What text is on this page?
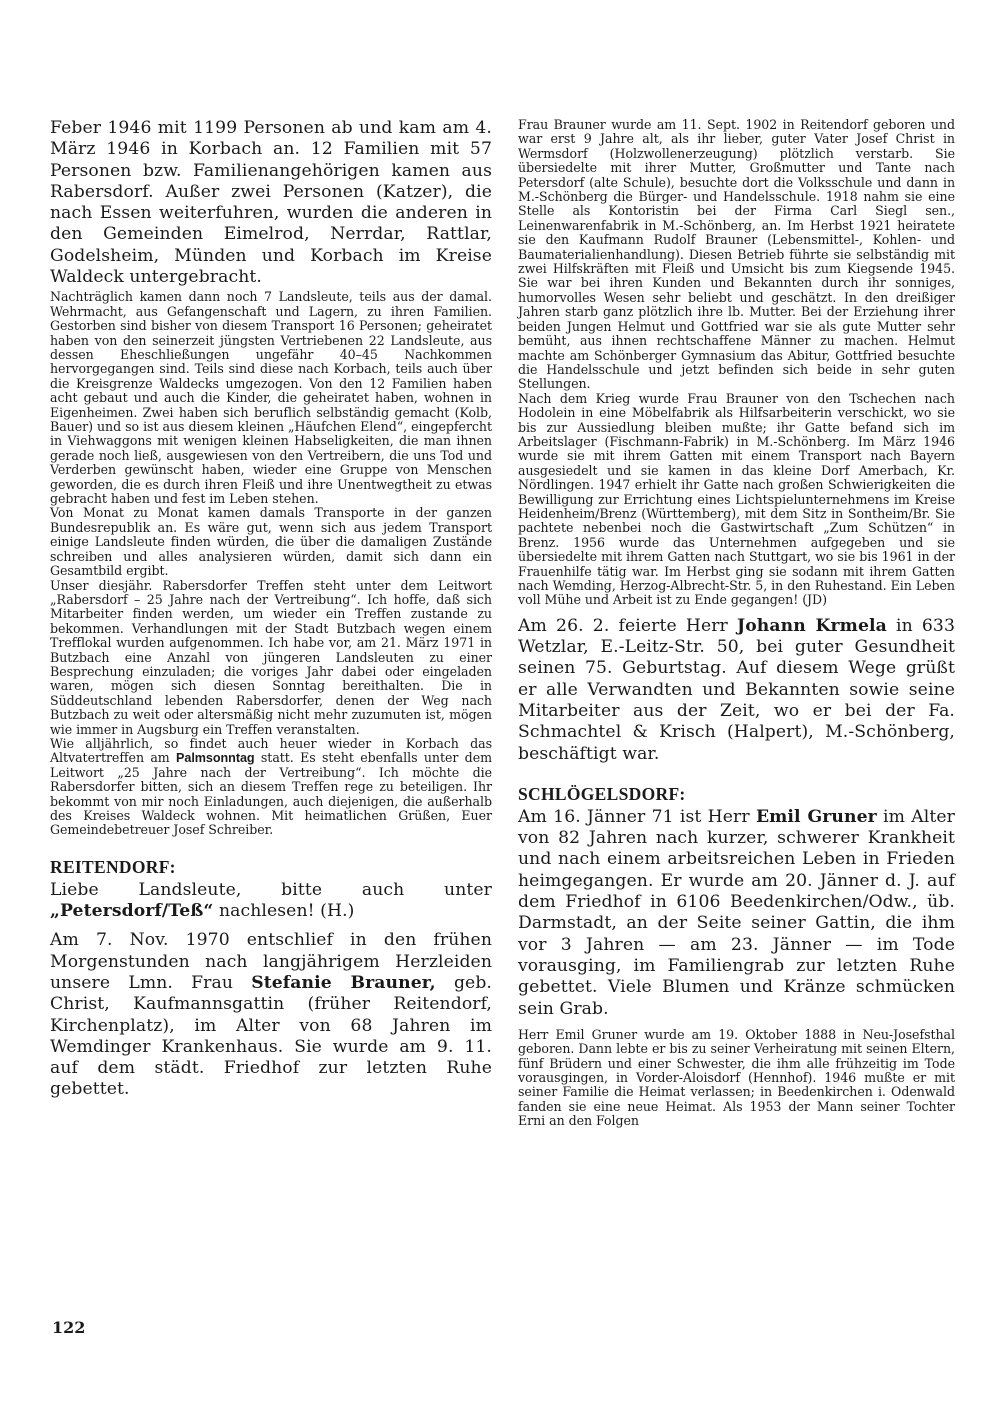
Feber 1946 mit 1199 Personen ab und kam am 4. März 1946 in Korbach an. 12 Familien mit 57 Personen bzw. Familienangehörigen kamen aus Rabersdorf. Außer zwei Personen (Katzer), die nach Essen weiterfuhren, wurden die anderen in den Gemeinden Eimelrod, Nerrdar, Rattlar, Godelsheim, Münden und Korbach im Kreise Waldeck untergebracht.

Nachträglich kamen dann noch 7 Landsleute, teils aus der damal. Wehrmacht, aus Gefangenschaft und Lagern, zu ihren Familien. Gestorben sind bisher von diesem Transport 16 Personen; geheiratet haben von den seinerzeit jüngsten Vertriebenen 22 Landsleute, aus dessen Eheschließungen ungefähr 40–45 Nachkommen hervorgegangen sind. Teils sind diese nach Korbach, teils auch über die Kreisgrenze Waldecks umgezogen. Von den 12 Familien haben acht gebaut und auch die Kinder, die geheiratet haben, wohnen in Eigenheimen. Zwei haben sich beruflich selbständig gemacht (Kolb, Bauer) und so ist aus diesem kleinen „Häufchen Elend“, eingepfercht in Viehwaggons mit wenigen kleinen Habseligkeiten, die man ihnen gerade noch ließ, ausgewiesen von den Vertreibern, die uns Tod und Verderben gewünscht haben, wieder eine Gruppe von Menschen geworden, die es durch ihren Fleiß und ihre Unentwegtheit zu etwas gebracht haben und fest im Leben stehen.

Von Monat zu Monat kamen damals Transporte in der ganzen Bundesrepublik an. Es wäre gut, wenn sich aus jedem Transport einige Landsleute finden würden, die über die damaligen Zustände schreiben und alles analysieren würden, damit sich dann ein Gesamtbild ergibt.

Unser diesjähr. Rabersdorfer Treffen steht unter dem Leitwort „Rabersdorf – 25 Jahre nach der Vertreibung“. Ich hoffe, daß sich Mitarbeiter finden werden, um wieder ein Treffen zustande zu bekommen. Verhandlungen mit der Stadt Butzbach wegen einem Trefflokal wurden aufgenommen. Ich habe vor, am 21. März 1971 in Butzbach eine Anzahl von jüngeren Landsleuten zu einer Besprechung einzuladen; die voriges Jahr dabei oder eingeladen waren, mögen sich diesen Sonntag bereithalten. Die in Süddeutschland lebenden Rabersdorfer, denen der Weg nach Butzbach zu weit oder altersmäßig nicht mehr zuzumuten ist, mögen wie immer in Augsburg ein Treffen veranstalten.

Wie alljährlich, so findet auch heuer wieder in Korbach das Altvatertreffen am Palmsonntag statt. Es steht ebenfalls unter dem Leitwort „25 Jahre nach der Vertreibung“. Ich möchte die Rabersdorfer bitten, sich an diesem Treffen rege zu beteiligen. Ihr bekommt von mir noch Einladungen, auch diejenigen, die außerhalb des Kreises Waldeck wohnen. Mit heimatlichen Grüßen, Euer Gemeindebetreuer Josef Schreiber.

REITENDORF:

Liebe Landsleute, bitte auch unter „Petersdorf/Teß“ nachlesen! (H.)

Am 7. Nov. 1970 entschlief in den frühen Morgenstunden nach langjährigem Herzleiden unsere Lmn. Frau Stefanie Brauner, geb. Christ, Kaufmannsgattin (früher Reitendorf, Kirchenplatz), im Alter von 68 Jahren im Wemdinger Krankenhaus. Sie wurde am 9. 11. auf dem städt. Friedhof zur letzten Ruhe gebettet.

Frau Brauner wurde am 11. Sept. 1902 in Reitendorf geboren und war erst 9 Jahre alt, als ihr lieber, guter Vater Josef Christ in Wermsdorf (Holzwollenerzeugung) plötzlich verstarb. Sie übersiedelte mit ihrer Mutter, Großmutter und Tante nach Petersdorf (alte Schule), besuchte dort die Volksschule und dann in M.-Schönberg die Bürger- und Handelsschule. 1918 nahm sie eine Stelle als Kontoristin bei der Firma Carl Siegl sen., Leinenwarenfabrik in M.-Schönberg, an. Im Herbst 1921 heiratete sie den Kaufmann Rudolf Brauner (Lebensmittel-, Kohlen- und Baumaterialienhandlung). Diesen Betrieb führte sie selbständig mit zwei Hilfskräften mit Fleiß und Umsicht bis zum Kiegsende 1945. Sie war bei ihren Kunden und Bekannten durch ihr sonniges, humorvolles Wesen sehr beliebt und geschätzt. In den dreißiger Jahren starb ganz plötzlich ihre lb. Mutter. Bei der Erziehung ihrer beiden Jungen Helmut und Gottfried war sie als gute Mutter sehr bemüht, aus ihnen rechtschaffene Männer zu machen. Helmut machte am Schönberger Gymnasium das Abitur, Gottfried besuchte die Handelsschule und jetzt befinden sich beide in sehr guten Stellungen.

Nach dem Krieg wurde Frau Brauner von den Tschechen nach Hodolein in eine Möbelfabrik als Hilfsarbeiterin verschickt, wo sie bis zur Aussiedlung bleiben mußte; ihr Gatte befand sich im Arbeitslager (Fischmann-Fabrik) in M.-Schönberg. Im März 1946 wurde sie mit ihrem Gatten mit einem Transport nach Bayern ausgesiedelt und sie kamen in das kleine Dorf Amerbach, Kr. Nördlingen. 1947 erhielt ihr Gatte nach großen Schwierigkeiten die Bewilligung zur Errichtung eines Lichtspielunternehmens im Kreise Heidenheim/Brenz (Württemberg), mit dem Sitz in Sontheim/Br. Sie pachtete nebenbei noch die Gastwirtschaft „Zum Schützen“ in Brenz. 1956 wurde das Unternehmen aufgegeben und sie übersiedelte mit ihrem Gatten nach Stuttgart, wo sie bis 1961 in der Frauenhilfe tätig war. Im Herbst ging sie sodann mit ihrem Gatten nach Wemding, Herzog-Albrecht-Str. 5, in den Ruhestand. Ein Leben voll Mühe und Arbeit ist zu Ende gegangen! (JD)

Am 26. 2. feierte Herr Johann Krmela in 633 Wetzlar, E.-Leitz-Str. 50, bei guter Gesundheit seinen 75. Geburtstag. Auf diesem Wege grüßt er alle Verwandten und Bekannten sowie seine Mitarbeiter aus der Zeit, wo er bei der Fa. Schmachtel & Krisch (Halpert), M.-Schönberg, beschäftigt war.

SCHLÖGELSDORF:

Am 16. Jänner 71 ist Herr Emil Gruner im Alter von 82 Jahren nach kurzer, schwerer Krankheit und nach einem arbeitsreichen Leben in Frieden heimgegangen. Er wurde am 20. Jänner d. J. auf dem Friedhof in 6106 Beedenkirchen/Odw., üb. Darmstadt, an der Seite seiner Gattin, die ihm vor 3 Jahren — am 23. Jänner — im Tode vorausging, im Familiengrab zur letzten Ruhe gebettet. Viele Blumen und Kränze schmücken sein Grab.

Herr Emil Gruner wurde am 19. Oktober 1888 in Neu-Josefsthal geboren. Dann lebte er bis zu seiner Verheiratung mit seinen Eltern, fünf Brüdern und einer Schwester, die ihm alle frühzeitig im Tode vorausgingen, in Vorder-Aloisdorf (Hennhof). 1946 mußte er mit seiner Familie die Heimat verlassen; in Beedenkirchen i. Odenwald fanden sie eine neue Heimat. Als 1953 der Mann seiner Tochter Erni an den Folgen

122
